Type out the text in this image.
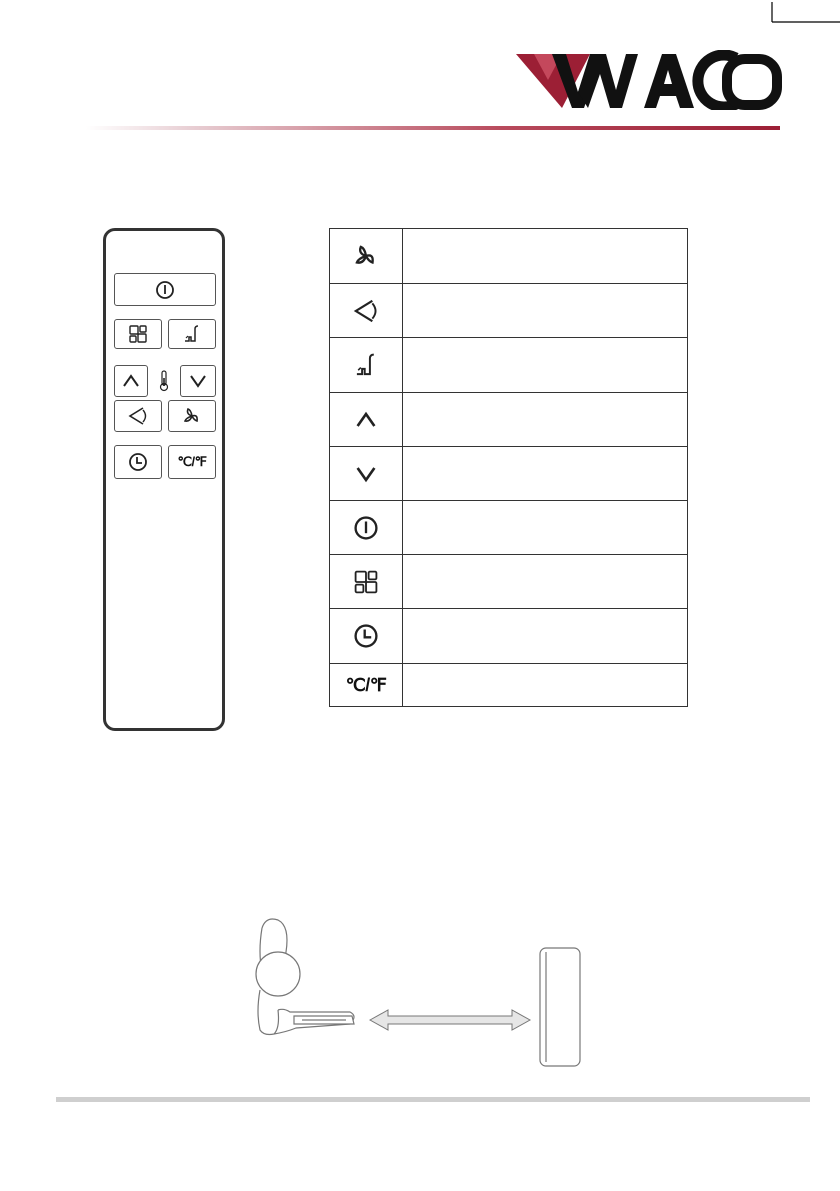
℃/℉
℃/℉
